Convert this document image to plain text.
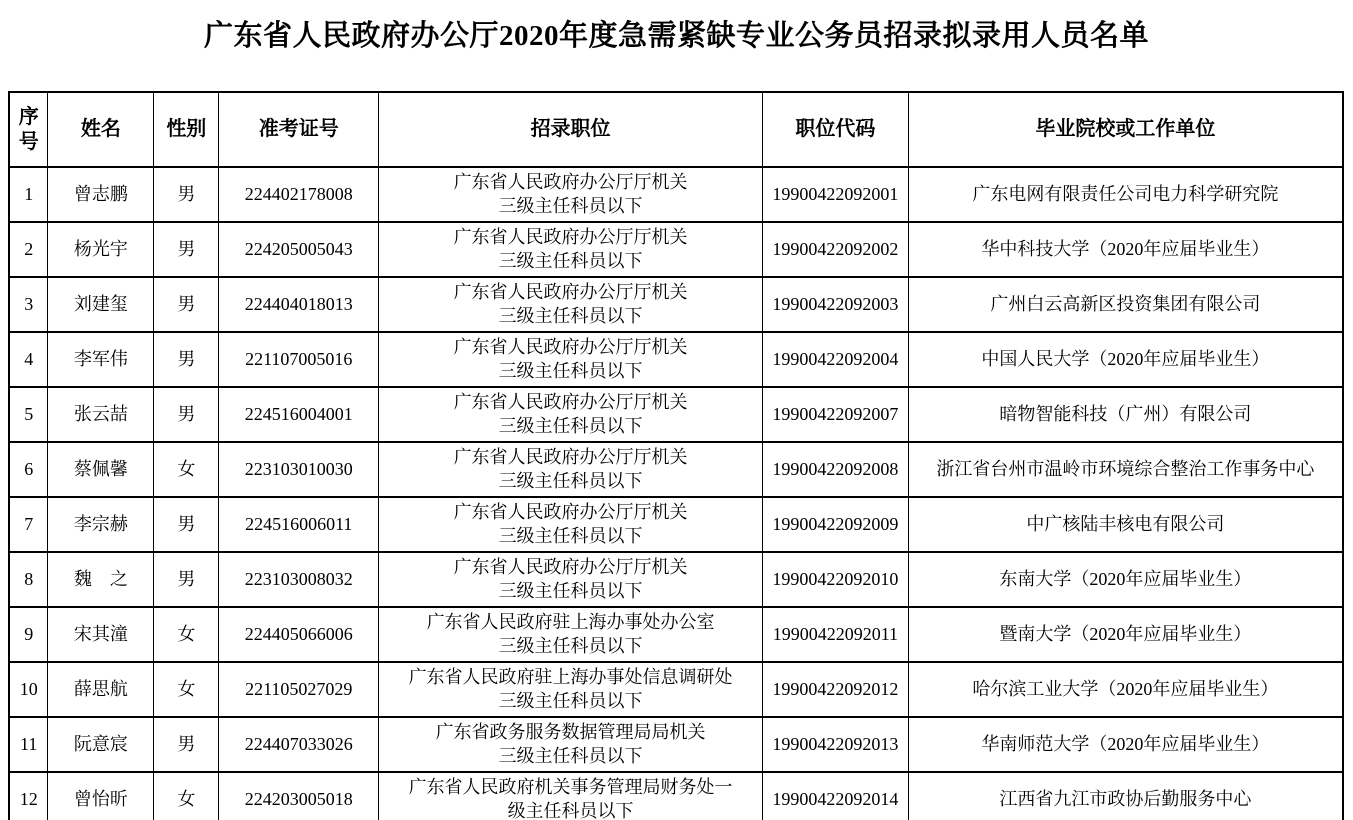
广东省人民政府办公厅2020年度急需紧缺专业公务员招录拟录用人员名单
序号	姓名	性别	准考证号	招录职位	职位代码	毕业院校或工作单位
1	曾志鹏	男	224402178008	广东省人民政府办公厅厅机关
三级主任科员以下	19900422092001	广东电网有限责任公司电力科学研究院
2	杨光宇	男	224205005043	广东省人民政府办公厅厅机关
三级主任科员以下	19900422092002	华中科技大学（2020年应届毕业生）
3	刘建玺	男	224404018013	广东省人民政府办公厅厅机关
三级主任科员以下	19900422092003	广州白云高新区投资集团有限公司
4	李军伟	男	221107005016	广东省人民政府办公厅厅机关
三级主任科员以下	19900422092004	中国人民大学（2020年应届毕业生）
5	张云喆	男	224516004001	广东省人民政府办公厅厅机关
三级主任科员以下	19900422092007	暗物智能科技（广州）有限公司
6	蔡佩馨	女	223103010030	广东省人民政府办公厅厅机关
三级主任科员以下	19900422092008	浙江省台州市温岭市环境综合整治工作事务中心
7	李宗赫	男	224516006011	广东省人民政府办公厅厅机关
三级主任科员以下	19900422092009	中广核陆丰核电有限公司
8	魏　之	男	223103008032	广东省人民政府办公厅厅机关
三级主任科员以下	19900422092010	东南大学（2020年应届毕业生）
9	宋其潼	女	224405066006	广东省人民政府驻上海办事处办公室
三级主任科员以下	19900422092011	暨南大学（2020年应届毕业生）
10	薛思航	女	221105027029	广东省人民政府驻上海办事处信息调研处
三级主任科员以下	19900422092012	哈尔滨工业大学（2020年应届毕业生）
11	阮意宸	男	224407033026	广东省政务服务数据管理局局机关
三级主任科员以下	19900422092013	华南师范大学（2020年应届毕业生）
12	曾怡昕	女	224203005018	广东省人民政府机关事务管理局财务处一
级主任科员以下	19900422092014	江西省九江市政协后勤服务中心
